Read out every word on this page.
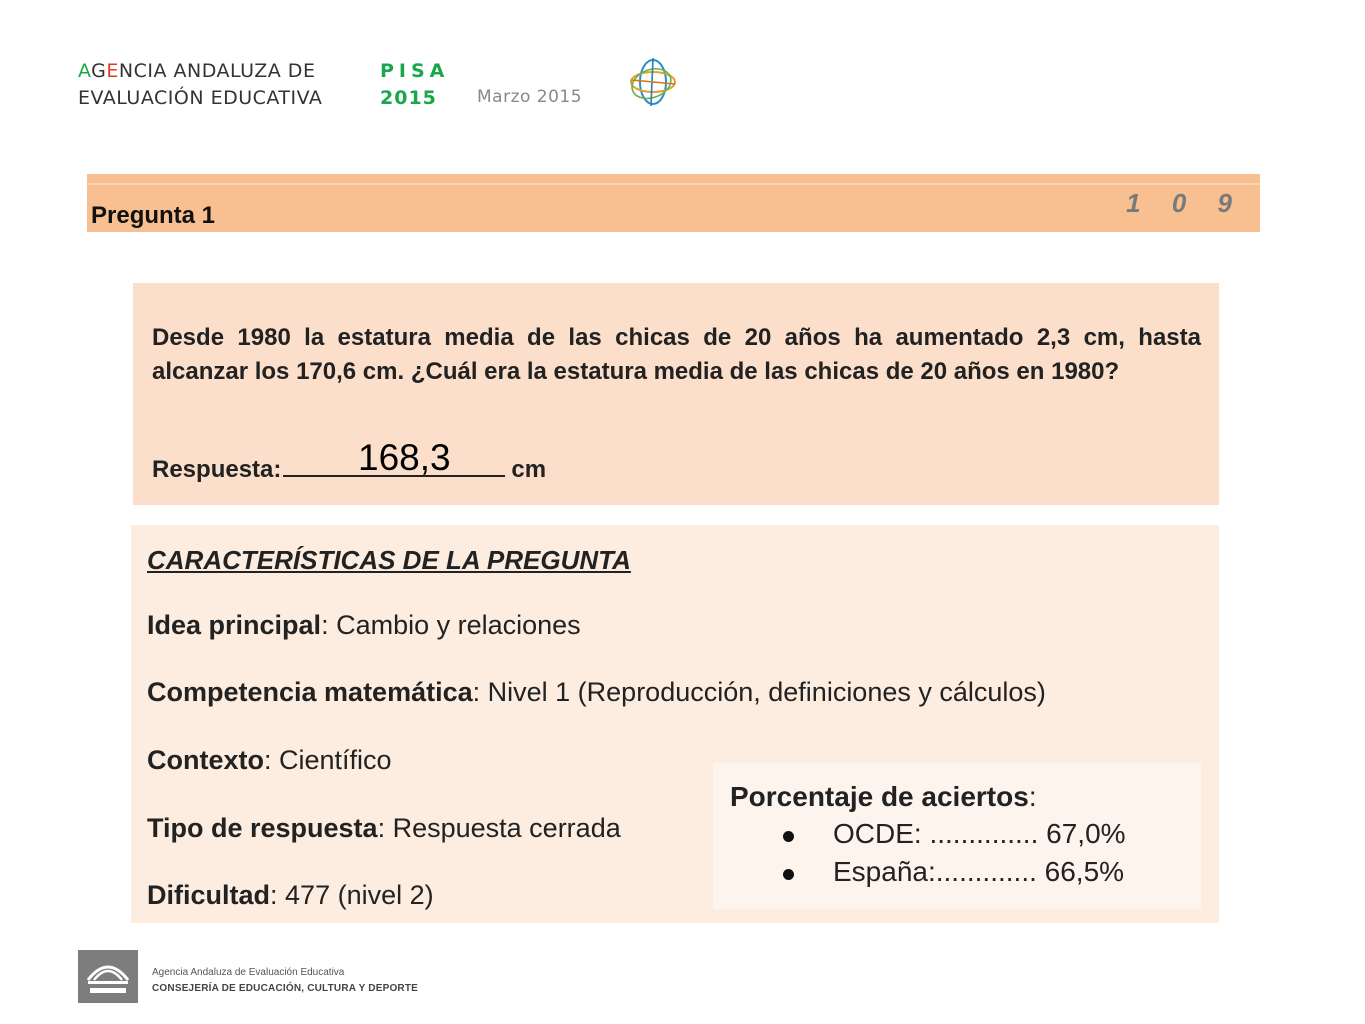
AGENCIA ANDALUZA DE
EVALUACIÓN EDUCATIVA
PISA
2015	Marzo 2015
Pregunta 1	1 0 9
Desde 1980 la estatura media de las chicas de 20 años ha aumentado 2,3 cm, hasta alcanzar los 170,6 cm. ¿Cuál era la estatura media de las chicas de 20 años en 1980?
Respuesta:	cm
168,3
CARACTERÍSTICAS DE LA PREGUNTA
Idea principal: Cambio y relaciones
Competencia matemática: Nivel 1 (Reproducción, definiciones y cálculos)
Contexto: Científico
Tipo de respuesta: Respuesta cerrada
Dificultad: 477 (nivel 2)
Porcentaje de aciertos:
OCDE: .............. 67,0%
España:............. 66,5%
Agencia Andaluza de Evaluación Educativa
CONSEJERÍA DE EDUCACIÓN, CULTURA Y DEPORTE
